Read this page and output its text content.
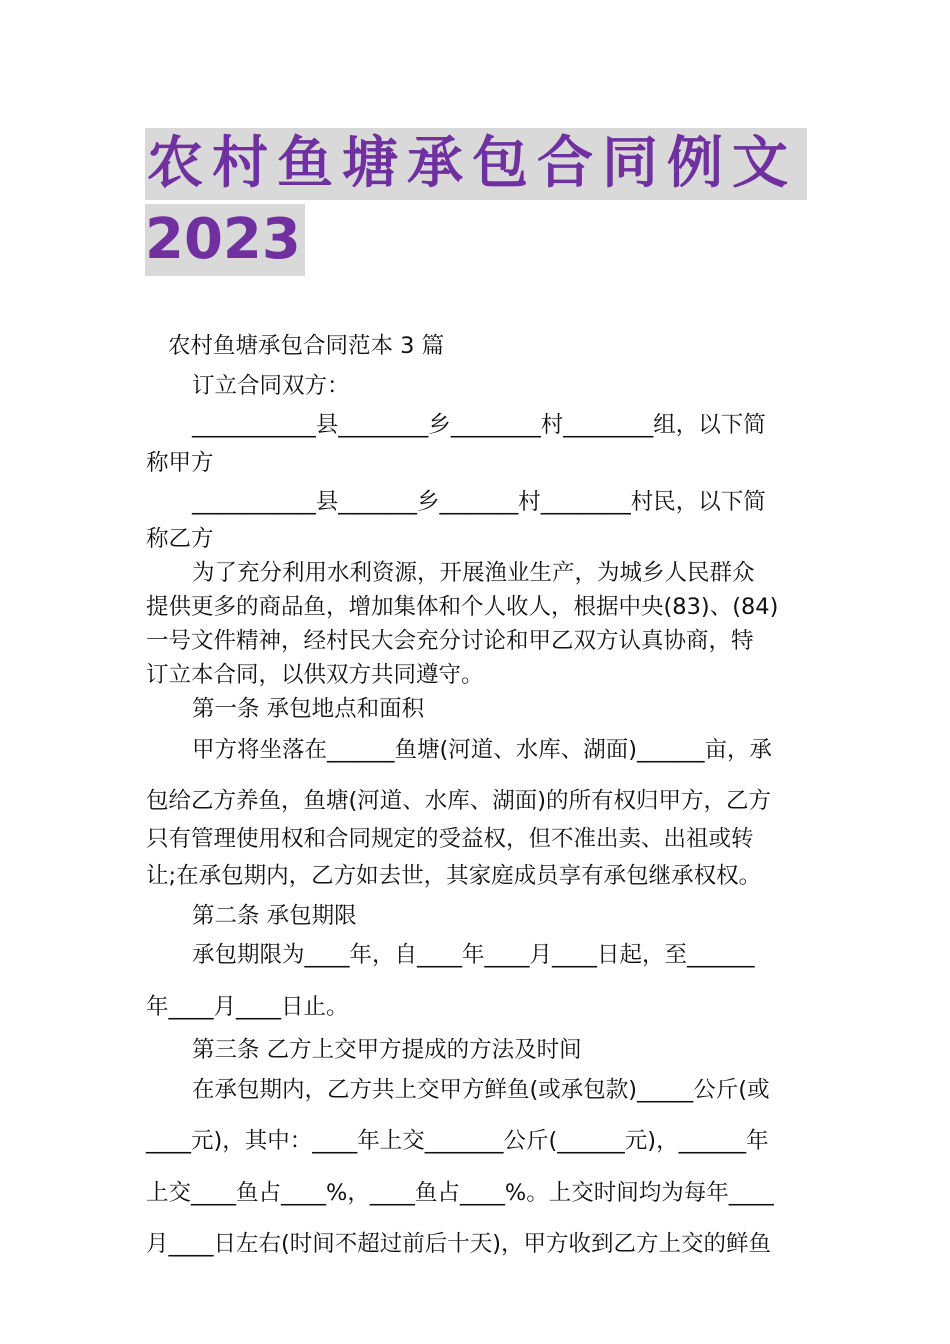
农村鱼塘承包合同例文
2023

农村鱼塘承包合同范本 3 篇

订立合同双方：

___________县________乡________村________组，以下简

称甲方

___________县_______乡_______村________村民，以下简

称乙方

为了充分利用水利资源，开展渔业生产，为城乡人民群众

提供更多的商品鱼，增加集体和个人收人，根据中央(83)、(84)

一号文件精神，经村民大会充分讨论和甲乙双方认真协商，特

订立本合同，以供双方共同遵守。

第一条 承包地点和面积

甲方将坐落在______鱼塘(河道、水库、湖面)______亩，承

包给乙方养鱼，鱼塘(河道、水库、湖面)的所有权归甲方，乙方

只有管理使用权和合同规定的受益权，但不准出卖、出祖或转

让;在承包期内，乙方如去世，其家庭成员享有承包继承权权。

第二条 承包期限

承包期限为____年，自____年____月____日起，至______

年____月____日止。

第三条 乙方上交甲方提成的方法及时间

在承包期内，乙方共上交甲方鲜鱼(或承包款)_____公斤(或

____元)，其中：____年上交_______公斤(______元)，______年

上交____鱼占____%，____鱼占____%。上交时间均为每年____

月____日左右(时间不超过前后十天)，甲方收到乙方上交的鲜鱼
